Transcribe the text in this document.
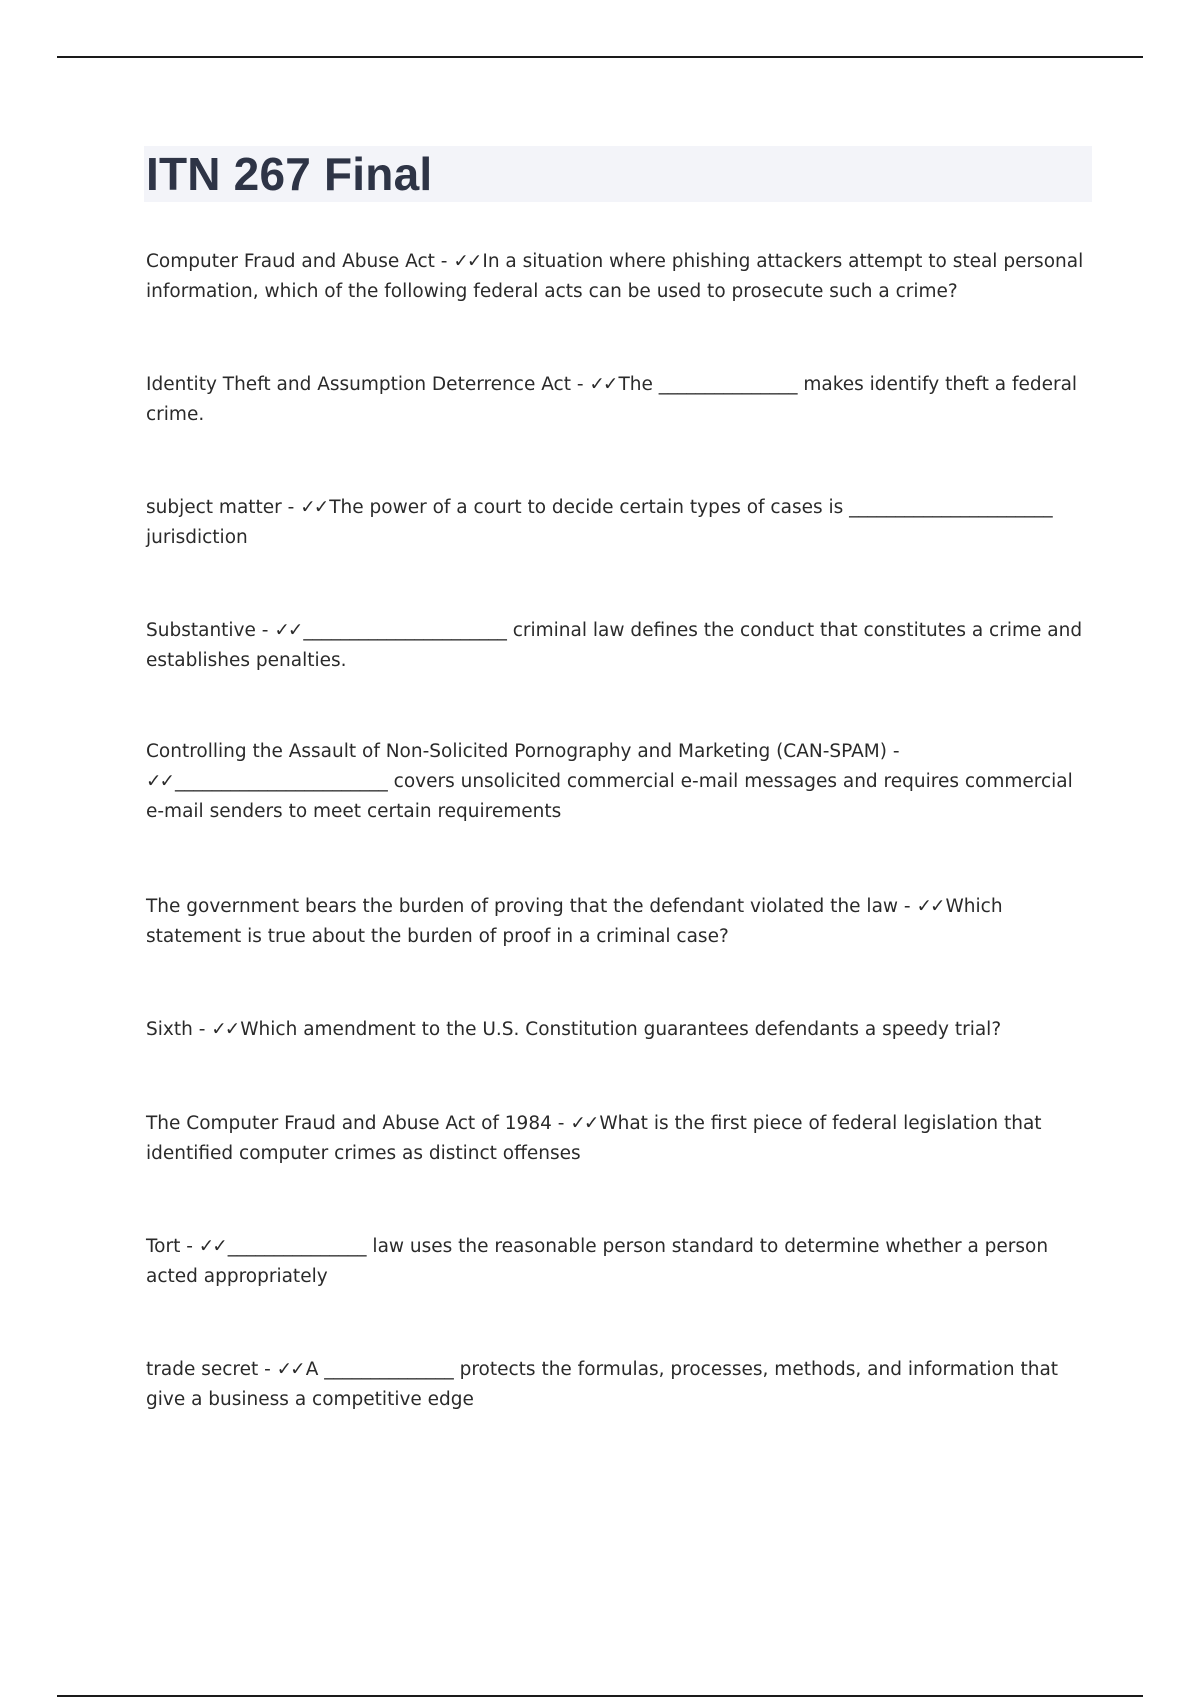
ITN 267 Final
Computer Fraud and Abuse Act - ✓✓ In a situation where phishing attackers attempt to steal personal information, which of the following federal acts can be used to prosecute such a crime?
Identity Theft and Assumption Deterrence Act - ✓✓ The _______________ makes identify theft a federal crime.
subject matter - ✓✓ The power of a court to decide certain types of cases is ______________________ jurisdiction
Substantive - ✓✓ ______________________ criminal law defines the conduct that constitutes a crime and establishes penalties.
Controlling the Assault of Non-Solicited Pornography and Marketing (CAN-SPAM) - ✓✓ _______________________ covers unsolicited commercial e-mail messages and requires commercial e-mail senders to meet certain requirements
The government bears the burden of proving that the defendant violated the law - ✓✓ Which statement is true about the burden of proof in a criminal case?
Sixth - ✓✓ Which amendment to the U.S. Constitution guarantees defendants a speedy trial?
The Computer Fraud and Abuse Act of 1984 - ✓✓ What is the first piece of federal legislation that identified computer crimes as distinct offenses
Tort - ✓✓ _______________ law uses the reasonable person standard to determine whether a person acted appropriately
trade secret - ✓✓ A ______________ protects the formulas, processes, methods, and information that give a business a competitive edge
